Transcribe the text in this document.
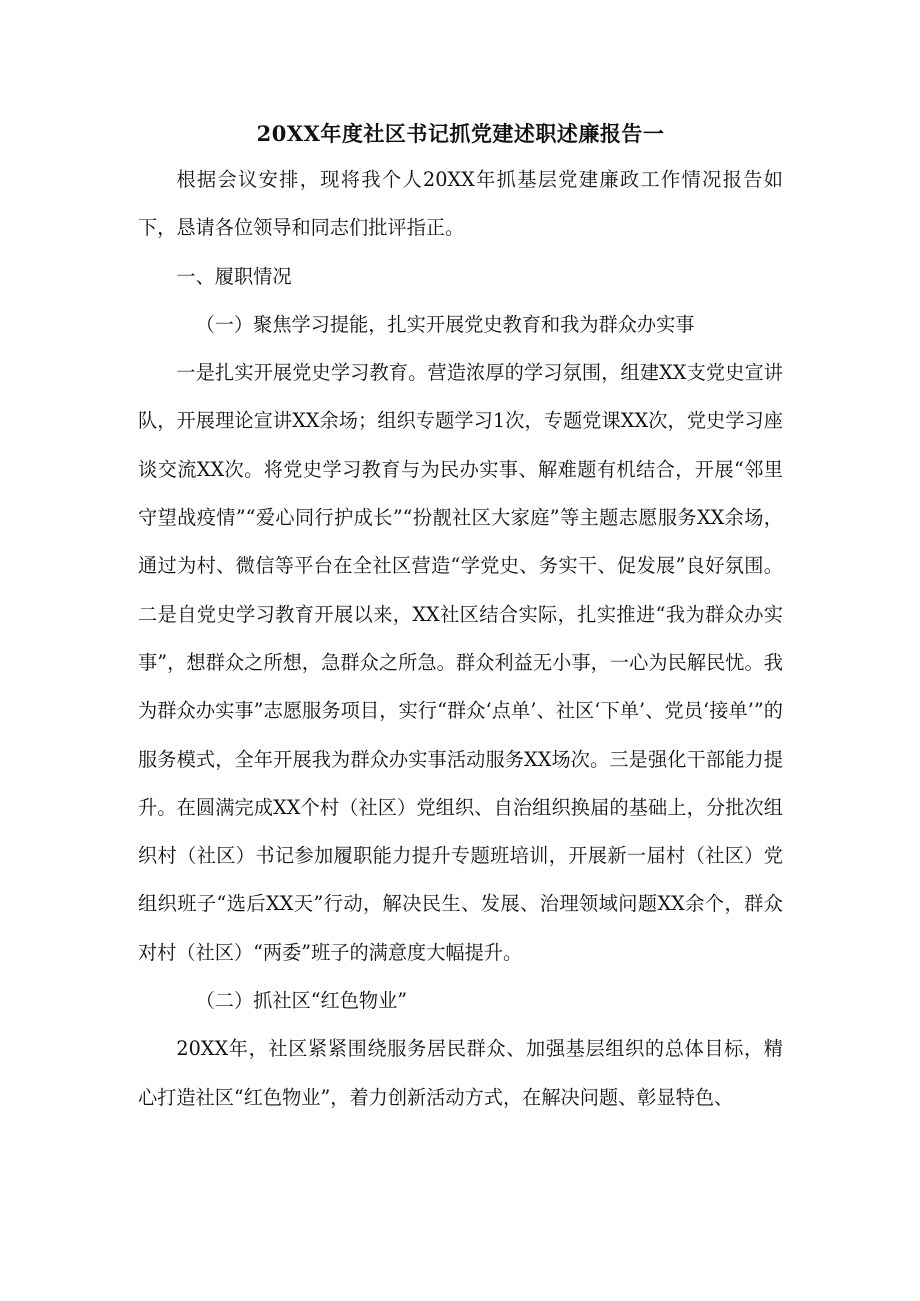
20XX年度社区书记抓党建述职述廉报告一

根据会议安排，现将我个人20XX年抓基层党建廉政工作情况报告如下，恳请各位领导和同志们批评指正。

一、履职情况

（一）聚焦学习提能，扎实开展党史教育和我为群众办实事

一是扎实开展党史学习教育。营造浓厚的学习氛围，组建XX支党史宣讲队，开展理论宣讲XX余场；组织专题学习1次，专题党课XX次，党史学习座谈交流XX次。将党史学习教育与为民办实事、解难题有机结合，开展“邻里守望战疫情”“爱心同行护成长”“扮靓社区大家庭”等主题志愿服务XX余场，通过为村、微信等平台在全社区营造“学党史、务实干、促发展”良好氛围。二是自党史学习教育开展以来，XX社区结合实际，扎实推进“我为群众办实事”，想群众之所想，急群众之所急。群众利益无小事，一心为民解民忧。我为群众办实事”志愿服务项目，实行“群众‘点单’、社区‘下单’、党员‘接单’”的服务模式，全年开展我为群众办实事活动服务XX场次。三是强化干部能力提升。在圆满完成XX个村（社区）党组织、自治组织换届的基础上，分批次组织村（社区）书记参加履职能力提升专题班培训，开展新一届村（社区）党组织班子“选后XX天”行动，解决民生、发展、治理领域问题XX余个，群众对村（社区）“两委”班子的满意度大幅提升。

（二）抓社区“红色物业”

20XX年，社区紧紧围绕服务居民群众、加强基层组织的总体目标，精心打造社区“红色物业”，着力创新活动方式，在解决问题、彰显特色、
